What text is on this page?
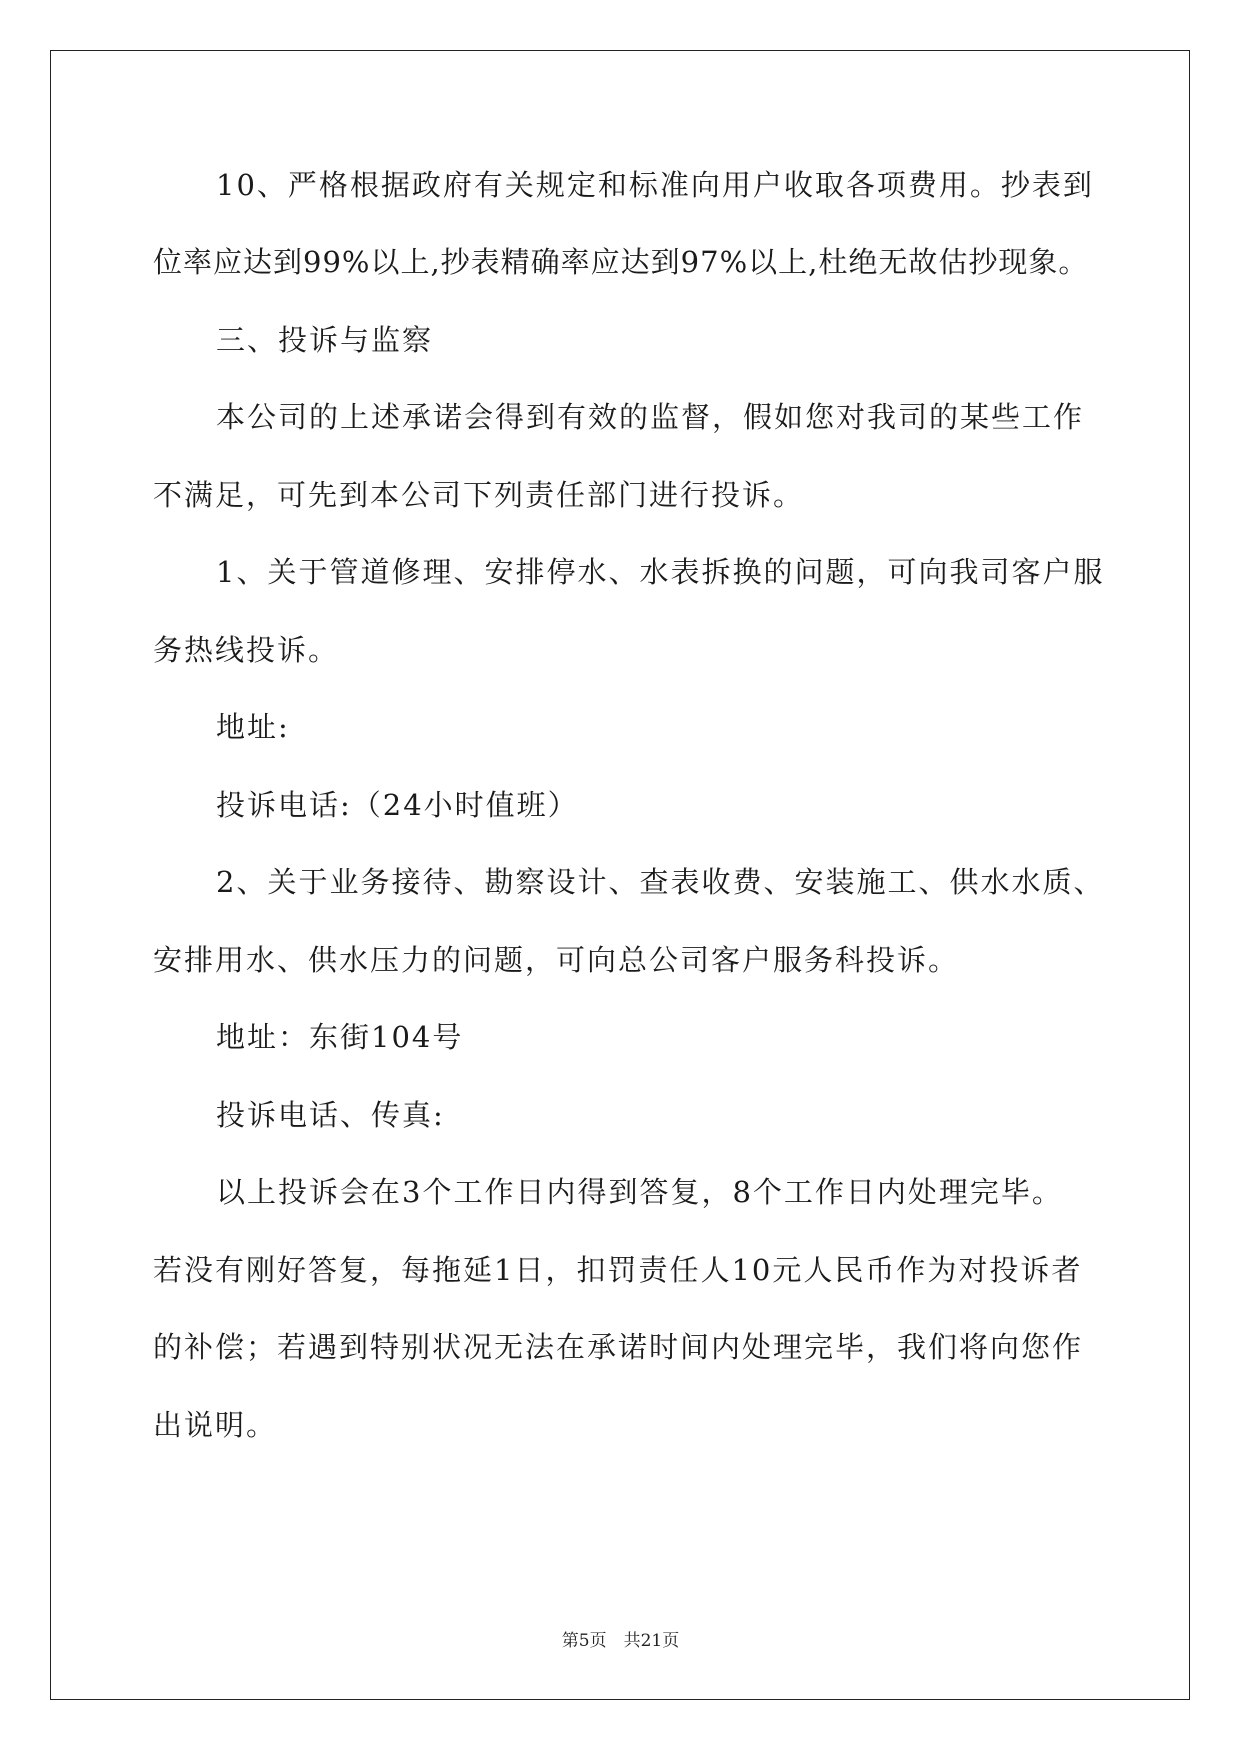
10、严格根据政府有关规定和标准向用户收取各项费用。抄表到
位率应达到99%以上,抄表精确率应达到97%以上,杜绝无故估抄现象。
三、投诉与监察
本公司的上述承诺会得到有效的监督，假如您对我司的某些工作
不满足，可先到本公司下列责任部门进行投诉。
1、关于管道修理、安排停水、水表拆换的问题，可向我司客户服
务热线投诉。
地址:
投诉电话:（24小时值班）
2、关于业务接待、勘察设计、查表收费、安装施工、供水水质、
安排用水、供水压力的问题，可向总公司客户服务科投诉。
地址：东街104号
投诉电话、传真:
以上投诉会在3个工作日内得到答复，8个工作日内处理完毕。
若没有刚好答复，每拖延1日，扣罚责任人10元人民币作为对投诉者
的补偿；若遇到特别状况无法在承诺时间内处理完毕，我们将向您作
出说明。
第5页　共21页
